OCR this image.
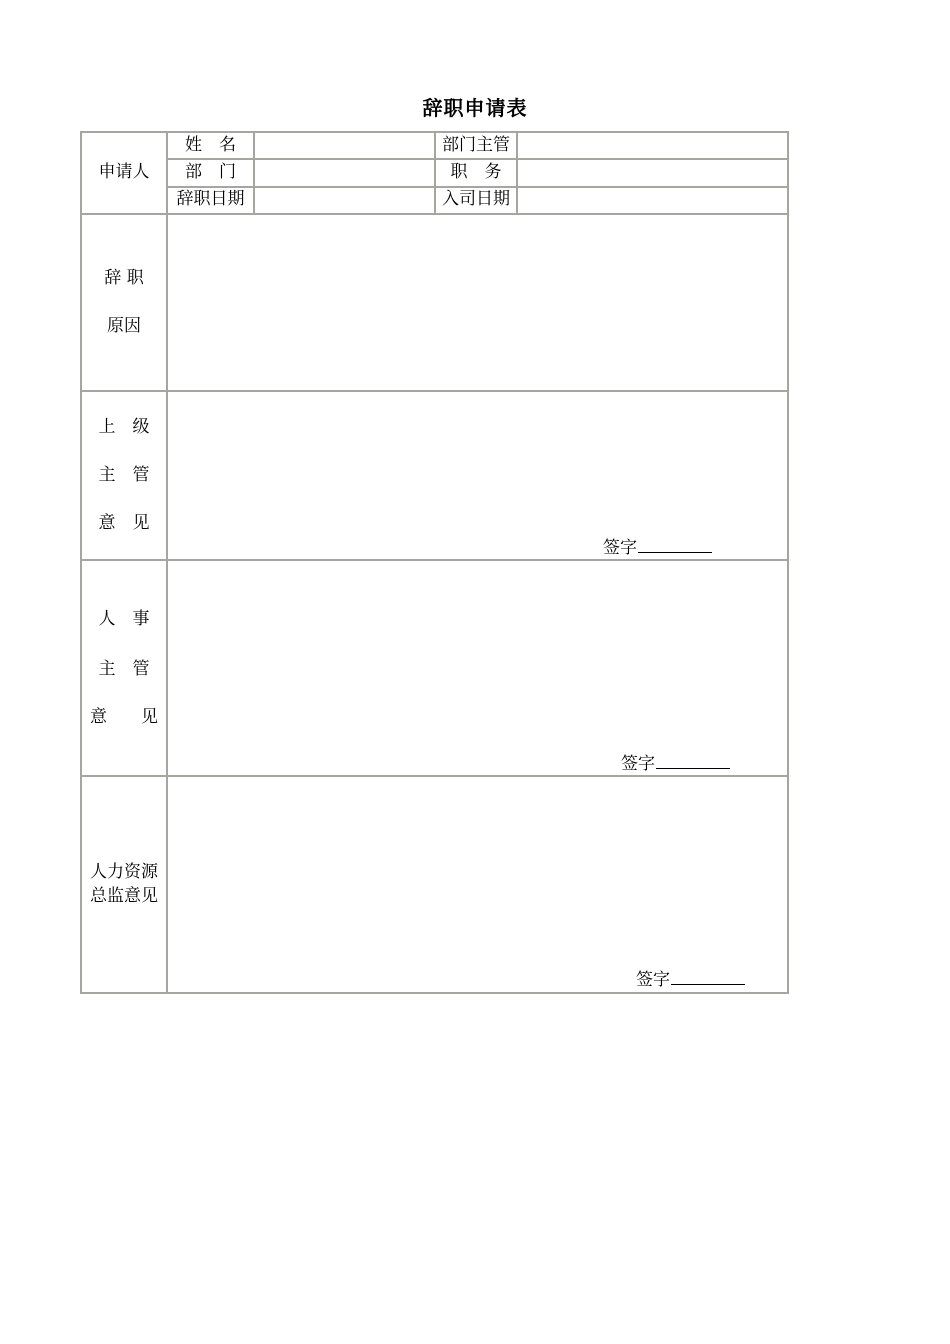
辞职申请表
申请人
姓　名
部　门
辞职日期
部门主管
职　务
入司日期
辞 职
原因
上　级
主　管
意　见
签字
人　事
主　管
意　　见
签字
人力资源
总监意见
签字
